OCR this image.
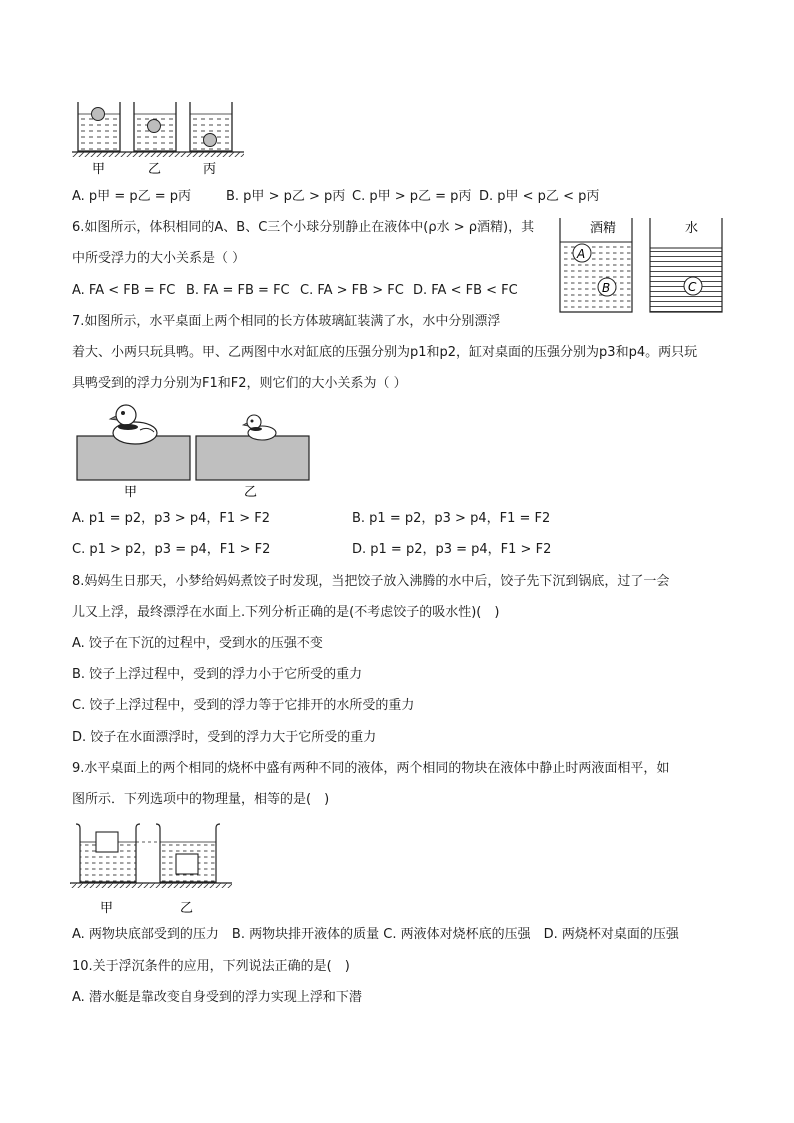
甲	乙	丙
A. p甲 = p乙 = p丙	B. p甲 > p乙 > p丙 C. p甲 > p乙 = p丙 D. p甲 < p乙 < p丙
6.如图所示，体积相同的A、B、C三个小球分别静止在液体中(ρ水 > ρ酒精)，其
中所受浮力的大小关系是（ ）
A. FA < FB = FC B. FA = FB = FC C. FA > FB > FC D. FA < FB < FC
酒精	水
A
B	C
7.如图所示，水平桌面上两个相同的长方体玻璃缸装满了水，水中分别漂浮
着大、小两只玩具鸭。甲、乙两图中水对缸底的压强分别为p1和p2，缸对桌面的压强分别为p3和p4。两只玩
具鸭受到的浮力分别为F1和F2，则它们的大小关系为（ ）
甲	乙
A. p1 = p2，p3 > p4，F1 > F2	B. p1 = p2，p3 > p4，F1 = F2
C. p1 > p2，p3 = p4，F1 > F2	D. p1 = p2，p3 = p4，F1 > F2
8.妈妈生日那天，小梦给妈妈煮饺子时发现，当把饺子放入沸腾的水中后，饺子先下沉到锅底，过了一会
儿又上浮，最终漂浮在水面上.下列分析正确的是(不考虑饺子的吸水性)(　)
A. 饺子在下沉的过程中，受到水的压强不变
B. 饺子上浮过程中，受到的浮力小于它所受的重力
C. 饺子上浮过程中，受到的浮力等于它排开的水所受的重力
D. 饺子在水面漂浮时，受到的浮力大于它所受的重力
9.水平桌面上的两个相同的烧杯中盛有两种不同的液体，两个相同的物块在液体中静止时两液面相平，如
图所示．下列选项中的物理量，相等的是(　)
甲	乙
A. 两物块底部受到的压力　B. 两物块排开液体的质量 C. 两液体对烧杯底的压强　D. 两烧杯对桌面的压强
10.关于浮沉条件的应用，下列说法正确的是(　)
A. 潜水艇是靠改变自身受到的浮力实现上浮和下潜
